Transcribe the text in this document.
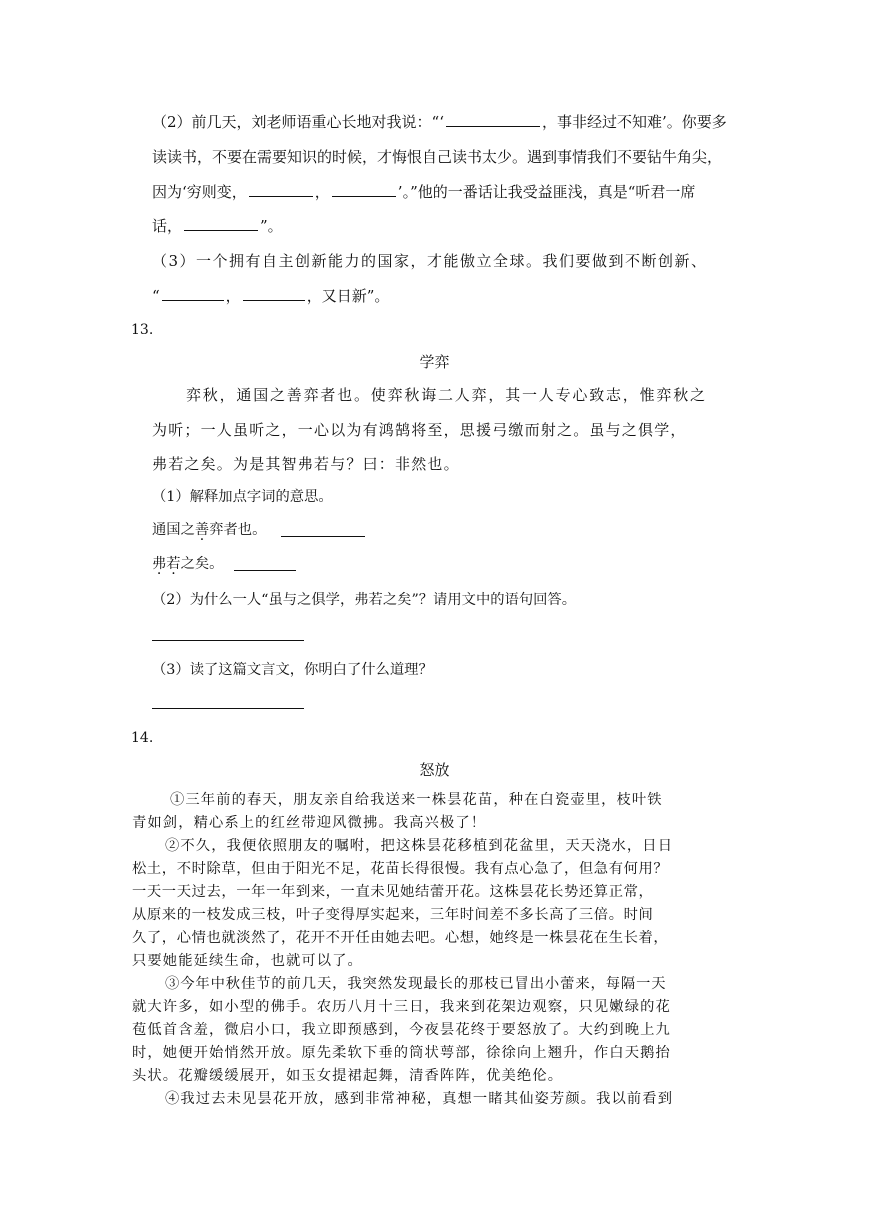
（2）前几天，刘老师语重心长地对我说：“‘	，事非经过不知难’。你要多
读读书，不要在需要知识的时候，才悔恨自己读书太少。遇到事情我们不要钻牛角尖，
因为‘穷则变，	，	’。”他的一番话让我受益匪浅，真是“听君一席
话，	”。
（3）一个拥有自主创新能力的国家，才能傲立全球。我们要做到不断创新、
“	，	，又日新”。
13.
学弈
弈秋，通国之善弈者也。使弈秋诲二人弈，其一人专心致志，惟弈秋之
为听；一人虽听之，一心以为有鸿鹄将至，思援弓缴而射之。虽与之俱学，
弗若之矣。为是其智弗若与？曰：非然也。
（1）解释加点字词的意思。
通国之善弈者也。
弗若之矣。
（2）为什么一人“虽与之俱学，弗若之矣”？请用文中的语句回答。
（3）读了这篇文言文，你明白了什么道理？
14.
怒放
①三年前的春天，朋友亲自给我送来一株昙花苗，种在白瓷壶里，枝叶铁
青如剑，精心系上的红丝带迎风微拂。我高兴极了！
②不久，我便依照朋友的嘱咐，把这株昙花移植到花盆里，天天浇水，日日
松土，不时除草，但由于阳光不足，花苗长得很慢。我有点心急了，但急有何用？
一天一天过去，一年一年到来，一直未见她结蕾开花。这株昙花长势还算正常，
从原来的一枝发成三枝，叶子变得厚实起来，三年时间差不多长高了三倍。时间
久了，心情也就淡然了，花开不开任由她去吧。心想，她终是一株昙花在生长着，
只要她能延续生命，也就可以了。
③今年中秋佳节的前几天，我突然发现最长的那枝已冒出小蕾来，每隔一天
就大许多，如小型的佛手。农历八月十三日，我来到花架边观察，只见嫩绿的花
苞低首含羞，微启小口，我立即预感到，今夜昙花终于要怒放了。大约到晚上九
时，她便开始悄然开放。原先柔软下垂的筒状萼部，徐徐向上翘升，作白天鹅抬
头状。花瓣缓缓展开，如玉女提裙起舞，清香阵阵，优美绝伦。
④我过去未见昙花开放，感到非常神秘，真想一睹其仙姿芳颜。我以前看到
